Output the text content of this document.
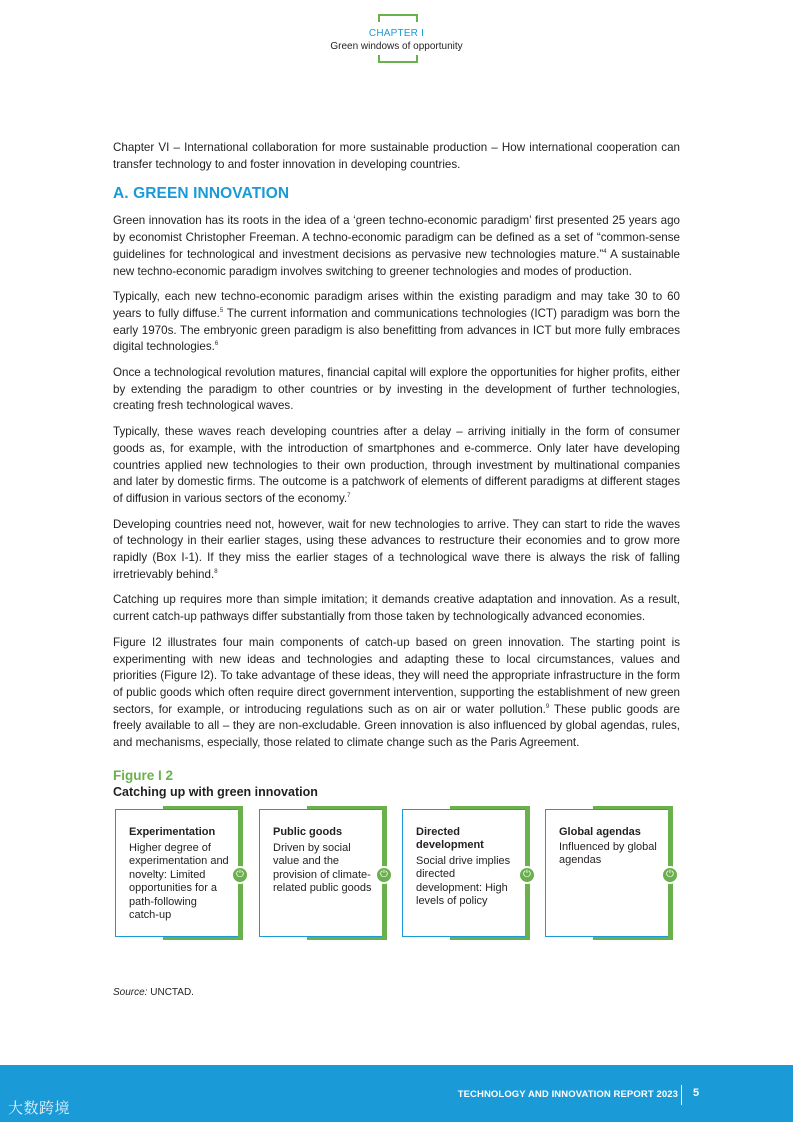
CHAPTER I
Green windows of opportunity

Chapter VI – International collaboration for more sustainable production – How international cooperation can transfer technology to and foster innovation in developing countries.

A. GREEN INNOVATION

Green innovation has its roots in the idea of a ‘green techno-economic paradigm’ first presented 25 years ago by economist Christopher Freeman. A techno-economic paradigm can be defined as a set of “common-sense guidelines for technological and investment decisions as pervasive new technologies mature.”$^4$ A sustainable new techno-economic paradigm involves switching to greener technologies and modes of production.

Typically, each new techno-economic paradigm arises within the existing paradigm and may take 30 to 60 years to fully diffuse.$^5$ The current information and communications technologies (ICT) paradigm was born the early 1970s. The embryonic green paradigm is also benefitting from advances in ICT but more fully embraces digital technologies.$^6$

Once a technological revolution matures, financial capital will explore the opportunities for higher profits, either by extending the paradigm to other countries or by investing in the development of further technologies, creating fresh technological waves.

Typically, these waves reach developing countries after a delay – arriving initially in the form of consumer goods as, for example, with the introduction of smartphones and e-commerce. Only later have developing countries applied new technologies to their own production, through investment by multinational companies and later by domestic firms. The outcome is a patchwork of elements of different paradigms at different stages of diffusion in various sectors of the economy.$^7$

Developing countries need not, however, wait for new technologies to arrive. They can start to ride the waves of technology in their earlier stages, using these advances to restructure their economies and to grow more rapidly (Box I-1). If they miss the earlier stages of a technological wave there is always the risk of falling irretrievably behind.$^8$

Catching up requires more than simple imitation; it demands creative adaptation and innovation. As a result, current catch-up pathways differ substantially from those taken by technologically advanced economies.

Figure I2 illustrates four main components of catch-up based on green innovation. The starting point is experimenting with new ideas and technologies and adapting these to local circumstances, values and priorities (Figure I2). To take advantage of these ideas, they will need the appropriate infrastructure in the form of public goods which often require direct government intervention, supporting the establishment of new green sectors, for example, or introducing regulations such as on air or water pollution.$^9$ These public goods are freely available to all – they are non-excludable. Green innovation is also influenced by global agendas, rules, and mechanisms, especially, those related to climate change such as the Paris Agreement.

Figure I 2
Catching up with green innovation
⏻
Experimentation
Higher degree of experimentation and novelty: Limited opportunities for a path-following catch-up
⏻
Public goods
Driven by social value and the provision of climate-related public goods
⏻
Directed development
Social drive implies directed development: High levels of policy
⏻
Global agendas
Influenced by global agendas
Source: UNCTAD.
大数跨境
TECHNOLOGY AND INNOVATION REPORT 2023 5
